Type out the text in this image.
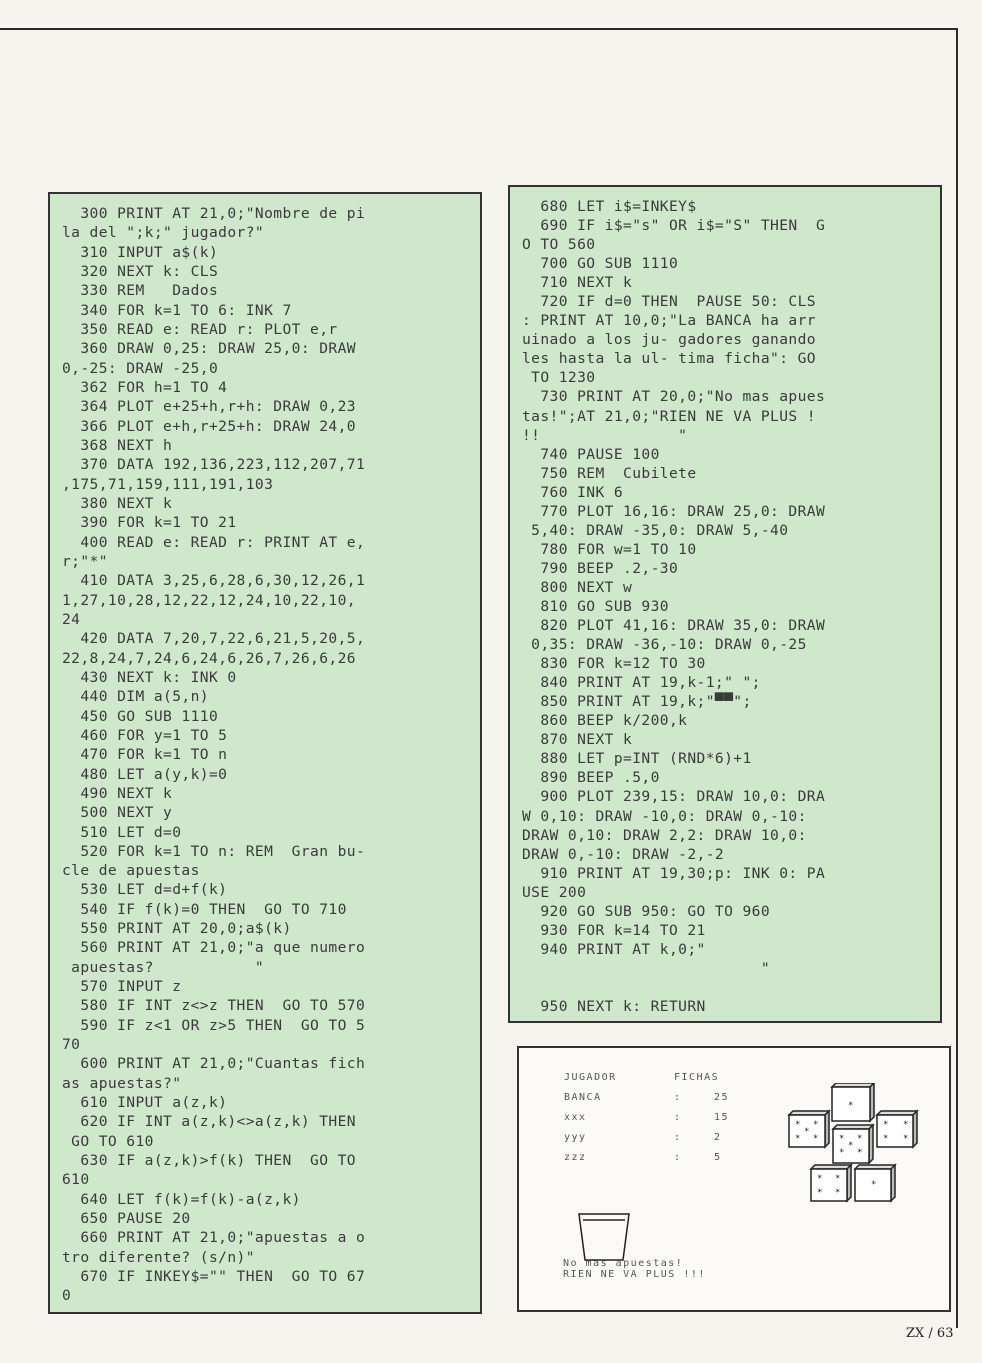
300 PRINT AT 21,0;"Nombre de pi
la del ";k;" jugador?"
310 INPUT a$(k)
320 NEXT k: CLS
330 REM   Dados
340 FOR k=1 TO 6: INK 7
350 READ e: READ r: PLOT e,r
360 DRAW 0,25: DRAW 25,0: DRAW
0,-25: DRAW -25,0
362 FOR h=1 TO 4
364 PLOT e+25+h,r+h: DRAW 0,23
366 PLOT e+h,r+25+h: DRAW 24,0
368 NEXT h
370 DATA 192,136,223,112,207,71
,175,71,159,111,191,103
380 NEXT k
390 FOR k=1 TO 21
400 READ e: READ r: PRINT AT e,
r;"*"
410 DATA 3,25,6,28,6,30,12,26,1
1,27,10,28,12,22,12,24,10,22,10,
24
420 DATA 7,20,7,22,6,21,5,20,5,
22,8,24,7,24,6,24,6,26,7,26,6,26
430 NEXT k: INK 0
440 DIM a(5,n)
450 GO SUB 1110
460 FOR y=1 TO 5
470 FOR k=1 TO n
480 LET a(y,k)=0
490 NEXT k
500 NEXT y
510 LET d=0
520 FOR k=1 TO n: REM  Gran bu-
cle de apuestas
530 LET d=d+f(k)
540 IF f(k)=0 THEN  GO TO 710
550 PRINT AT 20,0;a$(k)
560 PRINT AT 21,0;"a que numero
apuestas?           "
570 INPUT z
580 IF INT z<>z THEN  GO TO 570
590 IF z<1 OR z>5 THEN  GO TO 5
70
600 PRINT AT 21,0;"Cuantas fich
as apuestas?"
610 INPUT a(z,k)
620 IF INT a(z,k)<>a(z,k) THEN
GO TO 610
630 IF a(z,k)>f(k) THEN  GO TO
610
640 LET f(k)=f(k)-a(z,k)
650 PAUSE 20
660 PRINT AT 21,0;"apuestas a o
tro diferente? (s/n)"
670 IF INKEY$="" THEN  GO TO 67
0
680 LET i$=INKEY$
690 IF i$="s" OR i$="S" THEN  G
O TO 560
700 GO SUB 1110
710 NEXT k
720 IF d=0 THEN  PAUSE 50: CLS
: PRINT AT 10,0;"La BANCA ha arr
uinado a los ju- gadores ganando
les hasta la ul- tima ficha": GO
TO 1230
730 PRINT AT 20,0;"No mas apues
tas!";AT 21,0;"RIEN NE VA PLUS !
!!               "
740 PAUSE 100
750 REM  Cubilete
760 INK 6
770 PLOT 16,16: DRAW 25,0: DRAW
5,40: DRAW -35,0: DRAW 5,-40
780 FOR w=1 TO 10
790 BEEP .2,-30
800 NEXT w
810 GO SUB 930
820 PLOT 41,16: DRAW 35,0: DRAW
0,35: DRAW -36,-10: DRAW 0,-25
830 FOR k=12 TO 30
840 PRINT AT 19,k-1;" ";
850 PRINT AT 19,k;"▀▀";
860 BEEP k/200,k
870 NEXT k
880 LET p=INT (RND*6)+1
890 BEEP .5,0
900 PLOT 239,15: DRAW 10,0: DRA
W 0,10: DRAW -10,0: DRAW 0,-10:
DRAW 0,10: DRAW 2,2: DRAW 10,0:
DRAW 0,-10: DRAW -2,-2
910 PRINT AT 19,30;p: INK 0: PA
USE 200
920 GO SUB 950: GO TO 960
930 FOR k=14 TO 21
940 PRINT AT k,0;"
"
950 NEXT k: RETURN
JUGADOR	FICHAS
BANCA	:	25
xxx	:	15
yyy	:	2
zzz	:	5
*
* *
* *
*
* *
* *
* *
* *
*
* *
* *
*
No mas apuestas!
RIEN NE VA PLUS !!!
ZX / 63
